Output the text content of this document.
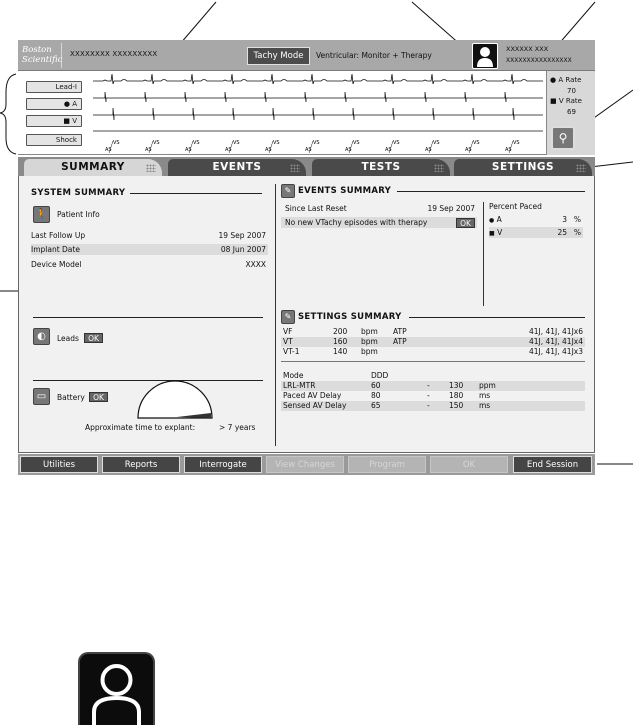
Boston
Scientific
XXXXXXXX XXXXXXXXX	Tachy Mode	Ventricular: Monitor + Therapy
XXXXXX XXX
XXXXXXXXXXXXXXXX
Lead-I
● A
■ V
Shock	VS
AS
VS
AS
VS
AS
VS
AS
VS
AS
VS
AS
VS
AS
VS
AS
VS
AS
VS
AS
VS
AS
● A Rate
70
■ V Rate
69
⚲
SUMMARY	EVENTS	TESTS	SETTINGS
SYSTEM SUMMARY
🚶	Patient Info
Last Follow Up	19 Sep 2007
Implant Date	08 Jun 2007
Device Model	XXXX
◐	Leads	OK
▭	Battery	OK
Approximate time to explant:	> 7 years
✎ EVENTS SUMMARY
Since Last Reset	19 Sep 2007
No new VTachy episodes with therapy	OK
Percent Paced
● A	3 %
■ V	25 %
✎ SETTINGS SUMMARY
VF	200	bpm	ATP	41J, 41J, 41Jx6
VT	160	bpm	ATP	41J, 41J, 41Jx4
VT-1	140	bpm		41J, 41J, 41Jx3
Mode	DDD			
LRL-MTR	60	-	130	ppm
Paced AV Delay	80	-	180	ms
Sensed AV Delay	65	-	150	ms
Utilities	Reports	Interrogate	View Changes	Program	OK	End Session
